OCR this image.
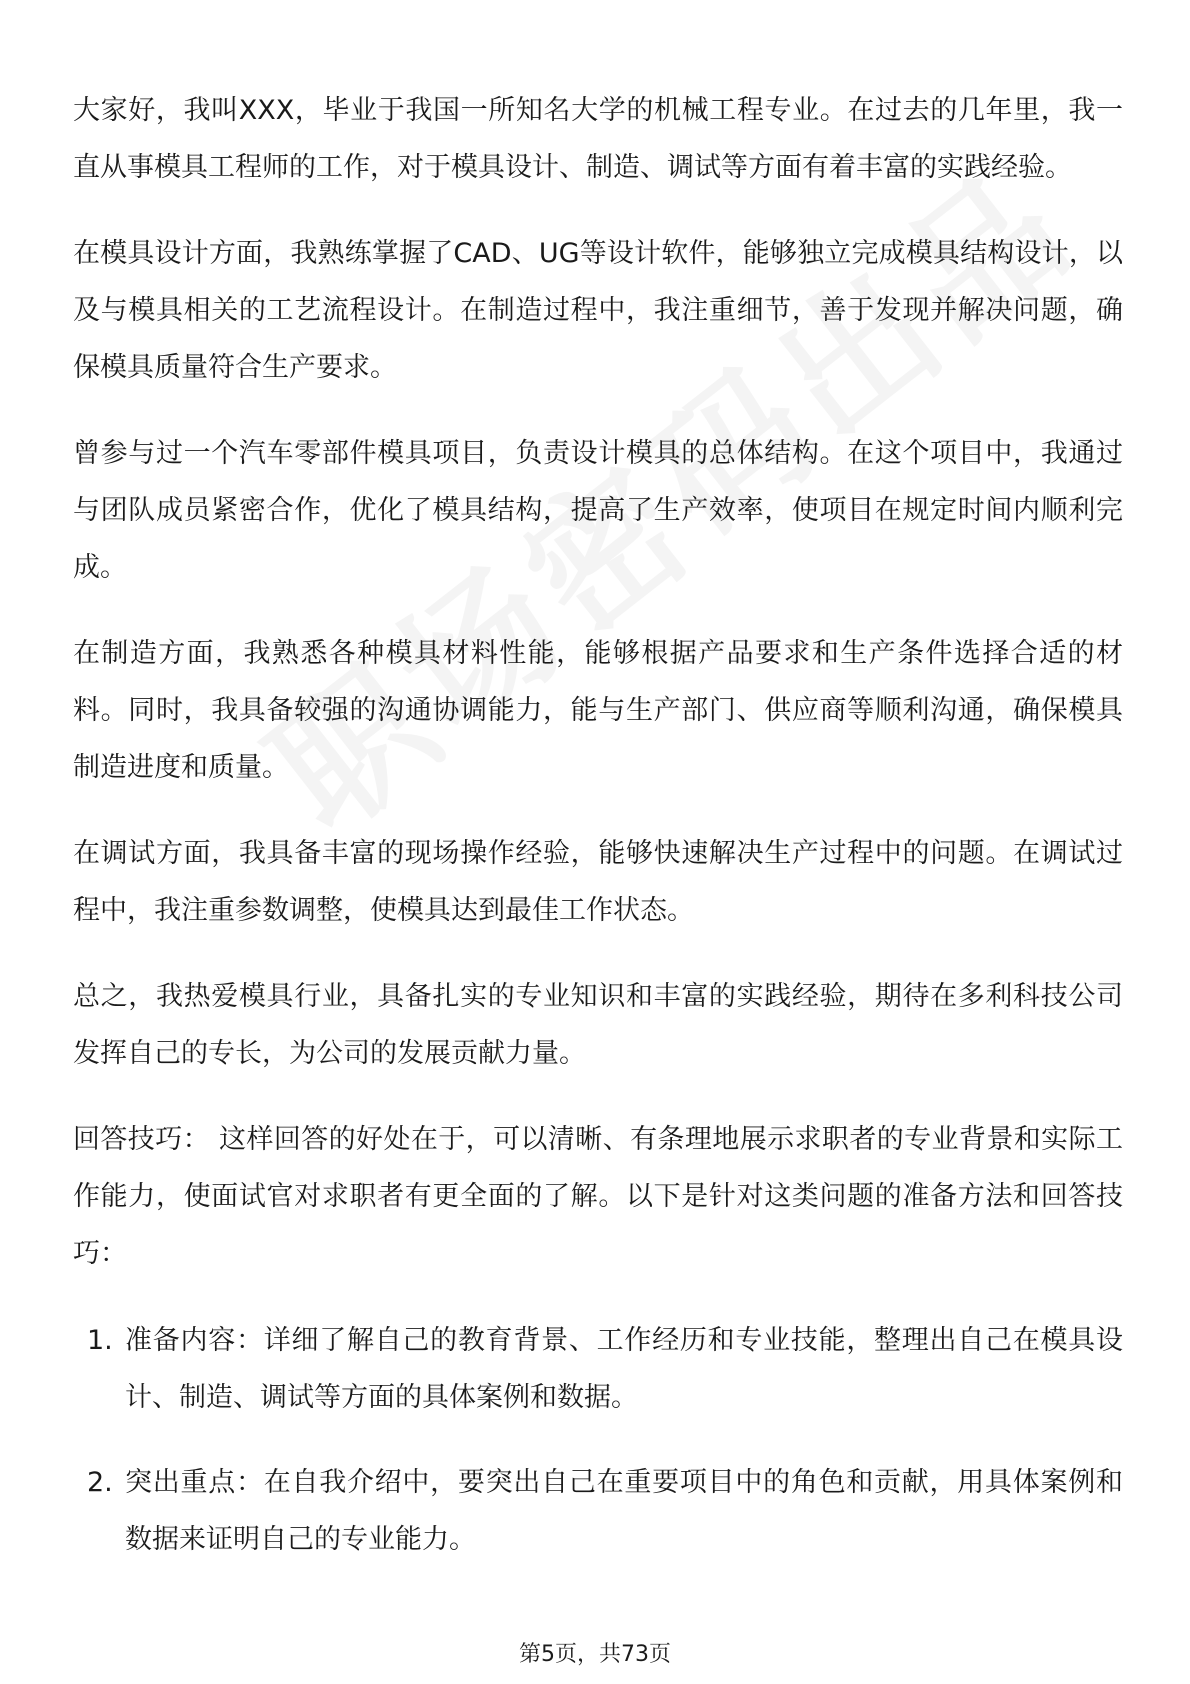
大家好，我叫XXX，毕业于我国一所知名大学的机械工程专业。在过去的几年里，我一直从事模具工程师的工作，对于模具设计、制造、调试等方面有着丰富的实践经验。

在模具设计方面，我熟练掌握了CAD、UG等设计软件，能够独立完成模具结构设计，以及与模具相关的工艺流程设计。在制造过程中，我注重细节，善于发现并解决问题，确保模具质量符合生产要求。

曾参与过一个汽车零部件模具项目，负责设计模具的总体结构。在这个项目中，我通过与团队成员紧密合作，优化了模具结构，提高了生产效率，使项目在规定时间内顺利完成。

在制造方面，我熟悉各种模具材料性能，能够根据产品要求和生产条件选择合适的材料。同时，我具备较强的沟通协调能力，能与生产部门、供应商等顺利沟通，确保模具制造进度和质量。

在调试方面，我具备丰富的现场操作经验，能够快速解决生产过程中的问题。在调试过程中，我注重参数调整，使模具达到最佳工作状态。

总之，我热爱模具行业，具备扎实的专业知识和丰富的实践经验，期待在多利科技公司发挥自己的专长，为公司的发展贡献力量。

回答技巧： 这样回答的好处在于，可以清晰、有条理地展示求职者的专业背景和实际工作能力，使面试官对求职者有更全面的了解。以下是针对这类问题的准备方法和回答技巧：

1. 准备内容：详细了解自己的教育背景、工作经历和专业技能，整理出自己在模具设计、制造、调试等方面的具体案例和数据。
2. 突出重点：在自我介绍中，要突出自己在重要项目中的角色和贡献，用具体案例和数据来证明自己的专业能力。
第5页，共73页
